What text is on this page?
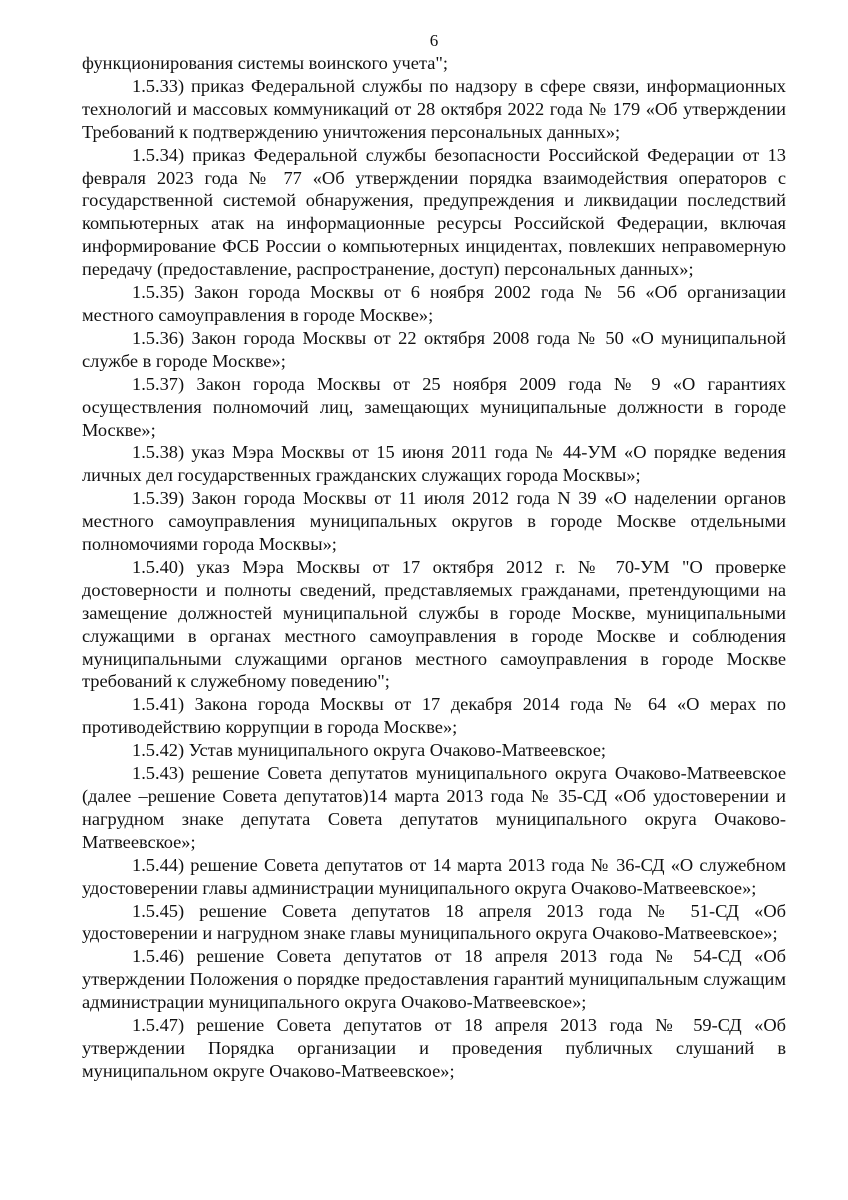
6

функционирования системы воинского учета";

1.5.33) приказ Федеральной службы по надзору в сфере связи, информационных технологий и массовых коммуникаций от 28 октября 2022 года № 179 «Об утверждении Требований к подтверждению уничтожения персональных данных»;

1.5.34) приказ Федеральной службы безопасности Российской Федерации от 13 февраля 2023 года № 77 «Об утверждении порядка взаимодействия операторов с государственной системой обнаружения, предупреждения и ликвидации последствий компьютерных атак на информационные ресурсы Российской Федерации, включая информирование ФСБ России о компьютерных инцидентах, повлекших неправомерную передачу (предоставление, распространение, доступ) персональных данных»;

1.5.35) Закон города Москвы от 6 ноября 2002 года № 56 «Об организации местного самоуправления в городе Москве»;

1.5.36) Закон города Москвы от 22 октября 2008 года № 50 «О муниципальной службе в городе Москве»;

1.5.37) Закон города Москвы от 25 ноября 2009 года № 9 «О гарантиях осуществления полномочий лиц, замещающих муниципальные должности в городе Москве»;

1.5.38) указ Мэра Москвы от 15 июня 2011 года № 44-УМ «О порядке ведения личных дел государственных гражданских служащих города Москвы»;

1.5.39) Закон города Москвы от 11 июля 2012 года N 39 «О наделении органов местного самоуправления муниципальных округов в городе Москве отдельными полномочиями города Москвы»;

1.5.40) указ Мэра Москвы от 17 октября 2012 г. № 70-УМ "О проверке достоверности и полноты сведений, представляемых гражданами, претендующими на замещение должностей муниципальной службы в городе Москве, муниципальными служащими в органах местного самоуправления в городе Москве и соблюдения муниципальными служащими органов местного самоуправления в городе Москве требований к служебному поведению";

1.5.41) Закона города Москвы от 17 декабря 2014 года № 64 «О мерах по противодействию коррупции в города Москве»;

1.5.42) Устав муниципального округа Очаково-Матвеевское;

1.5.43) решение Совета депутатов муниципального округа Очаково-Матвеевское (далее –решение Совета депутатов)14 марта 2013 года № 35-СД «Об удостоверении и нагрудном знаке депутата Совета депутатов муниципального округа Очаково-Матвеевское»;

1.5.44) решение Совета депутатов от 14 марта 2013 года № 36-СД «О служебном удостоверении главы администрации муниципального округа Очаково-Матвеевское»;

1.5.45) решение Совета депутатов 18 апреля 2013 года № 51-СД «Об удостоверении и нагрудном знаке главы муниципального округа Очаково-Матвеевское»;

1.5.46) решение Совета депутатов от 18 апреля 2013 года № 54-СД «Об утверждении Положения о порядке предоставления гарантий муниципальным служащим администрации муниципального округа Очаково-Матвеевское»;

1.5.47) решение Совета депутатов от 18 апреля 2013 года № 59-СД «Об утверждении Порядка организации и проведения публичных слушаний в муниципальном округе Очаково-Матвеевское»;
